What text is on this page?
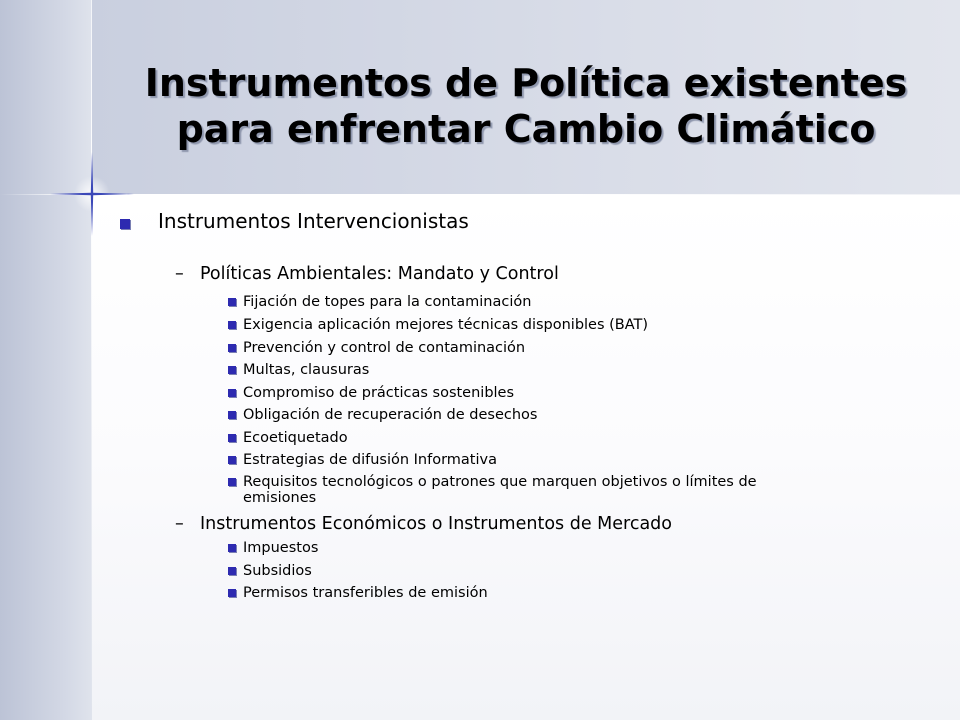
Instrumentos de Política existentes
para enfrentar Cambio Climático
Instrumentos Intervencionistas
– Políticas Ambientales: Mandato y Control
Fijación de topes para la contaminación
Exigencia aplicación mejores técnicas disponibles (BAT)
Prevención y control de contaminación
Multas, clausuras
Compromiso de prácticas sostenibles
Obligación de recuperación de desechos
Ecoetiquetado
Estrategias de difusión Informativa
Requisitos tecnológicos o patrones que marquen objetivos o límites de
emisiones
– Instrumentos Económicos o Instrumentos de Mercado
Impuestos
Subsidios
Permisos transferibles de emisión
